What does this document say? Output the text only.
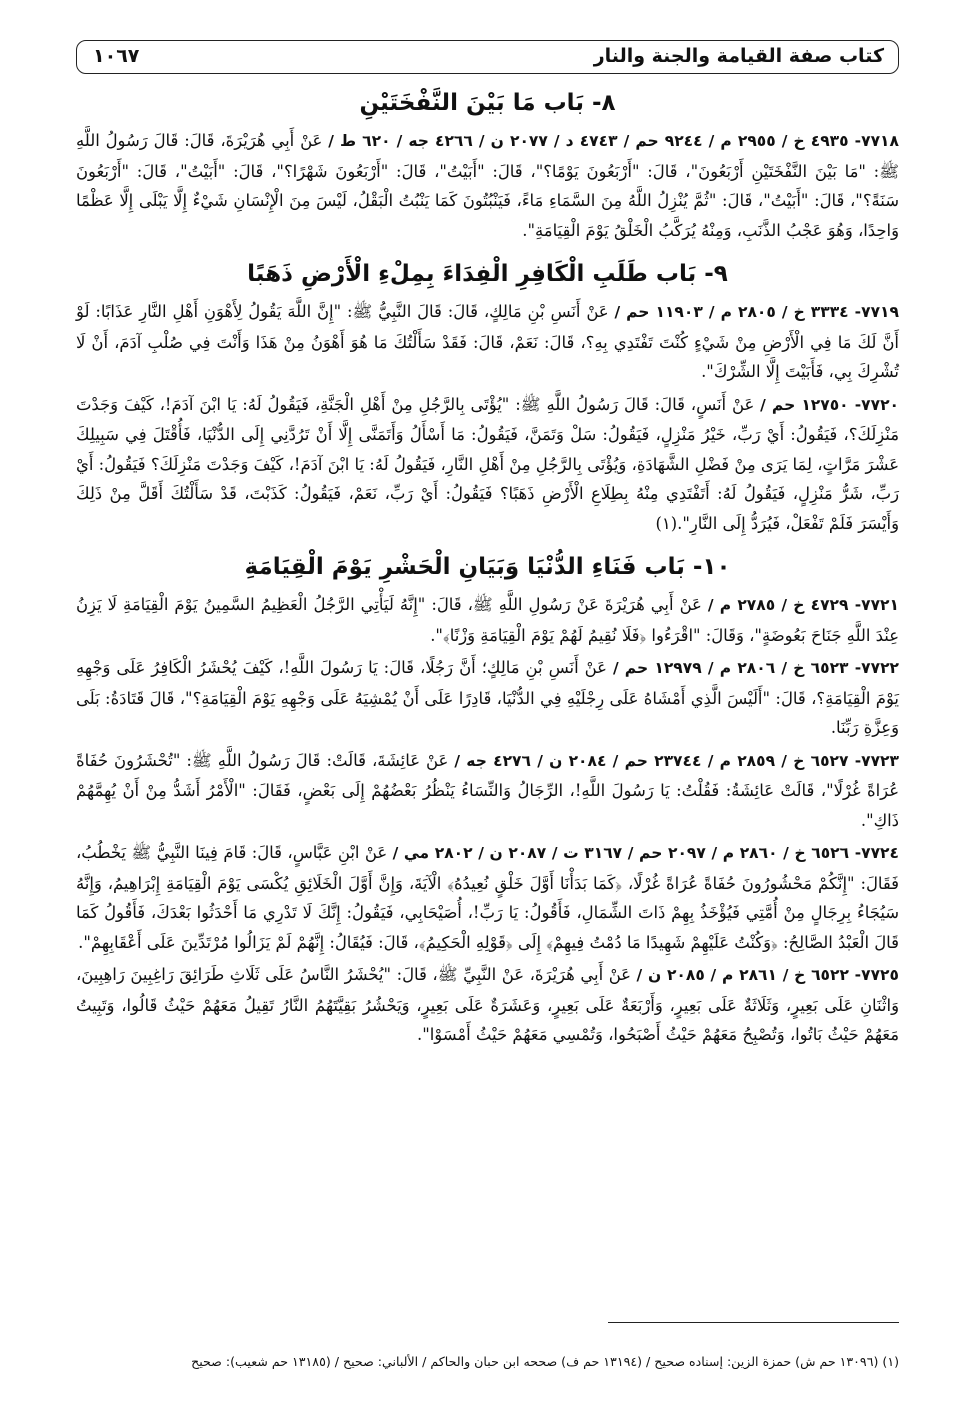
كتاب صفة القيامة والجنة والنار
١٠٦٧
٨- بَاب مَا بَيْنَ النَّفْخَتَيْنِ

٧٧١٨- ٤٩٣٥ خ / ٢٩٥٥ م / ٩٢٤٤ حم / ٤٧٤٣ د / ٢٠٧٧ ن / ٤٢٦٦ جه / ٦٢٠ ط / عَنْ أَبِي هُرَيْرَةَ، قَالَ: قَالَ رَسُولُ اللَّهِ ﷺ: "مَا بَيْنَ النَّفْخَتَيْنِ أَرْبَعُونَ"، قَالَ: "أَرْبَعُونَ يَوْمًا؟"، قَالَ: "أَبَيْتُ"، قَالَ: "أَرْبَعُونَ شَهْرًا؟"، قَالَ: "أَبَيْتُ"، قَالَ: "أَرْبَعُونَ سَنَةً؟"، قَالَ: "أَبَيْتُ"، قَالَ: "ثُمَّ يُنْزِلُ اللَّهُ مِنَ السَّمَاءِ مَاءً، فَيَنْبُتُونَ كَمَا يَنْبُتُ الْبَقْلُ، لَيْسَ مِنَ الْإِنْسَانِ شَيْءٌ إِلَّا يَبْلَى إِلَّا عَظْمًا وَاحِدًا، وَهُوَ عَجْبُ الذَّنَبِ، وَمِنْهُ يُرَكَّبُ الْخَلْقُ يَوْمَ الْقِيَامَةِ".

٩- بَاب طَلَبِ الْكَافِرِ الْفِدَاءَ بِمِلْءِ الْأَرْضِ ذَهَبًا

٧٧١٩- ٣٣٣٤ خ / ٢٨٠٥ م / ١١٩٠٣ حم / عَنْ أَنَسِ بْنِ مَالِكٍ، قَالَ: قَالَ النَّبِيُّ ﷺ: "إِنَّ اللَّهَ يَقُولُ لِأَهْوَنِ أَهْلِ النَّارِ عَذَابًا: لَوْ أَنَّ لَكَ مَا فِي الْأَرْضِ مِنْ شَيْءٍ كُنْتَ تَفْتَدِي بِهِ؟، قَالَ: نَعَمْ، قَالَ: فَقَدْ سَأَلْتُكَ مَا هُوَ أَهْوَنُ مِنْ هَذَا وَأَنْتَ فِي صُلْبِ آدَمَ، أَنْ لَا تُشْرِكَ بِي، فَأَبَيْتَ إِلَّا الشِّرْكَ".

٧٧٢٠- ١٢٧٥٠ حم / عَنْ أَنَسٍ، قَالَ: قَالَ رَسُولُ اللَّهِ ﷺ: "يُؤْتَى بِالرَّجُلِ مِنْ أَهْلِ الْجَنَّةِ، فَيَقُولُ لَهُ: يَا ابْنَ آدَمَ!، كَيْفَ وَجَدْتَ مَنْزِلَكَ؟، فَيَقُولُ: أَيْ رَبِّ، خَيْرُ مَنْزِلٍ، فَيَقُولُ: سَلْ وَتَمَنَّ، فَيَقُولُ: مَا أَسْأَلُ وَأَتَمَنَّى إِلَّا أَنْ تَرُدَّنِي إِلَى الدُّنْيَا، فَأُقْتَلَ فِي سَبِيلِكَ عَشْرَ مَرَّاتٍ، لِمَا يَرَى مِنْ فَضْلِ الشَّهَادَةِ، وَيُؤْتَى بِالرَّجُلِ مِنْ أَهْلِ النَّارِ، فَيَقُولُ لَهُ: يَا ابْنَ آدَمَ!، كَيْفَ وَجَدْتَ مَنْزِلَكَ؟ فَيَقُولُ: أَيْ رَبِّ، شَرُّ مَنْزِلٍ، فَيَقُولُ لَهُ: أَتَفْتَدِي مِنْهُ بِطِلَاعِ الْأَرْضِ ذَهَبًا؟ فَيَقُولُ: أَيْ رَبِّ، نَعَمْ، فَيَقُولُ: كَذَبْتَ، قَدْ سَأَلْتُكَ أَقَلَّ مِنْ ذَلِكَ وَأَيْسَرَ فَلَمْ تَفْعَلْ، فَيُرَدُّ إِلَى النَّارِ".(١)

١٠- بَاب فَنَاءِ الدُّنْيَا وَبَيَانِ الْحَشْرِ يَوْمَ الْقِيَامَةِ

٧٧٢١- ٤٧٢٩ خ / ٢٧٨٥ م / عَنْ أَبِي هُرَيْرَةَ عَنْ رَسُولِ اللَّهِ ﷺ، قَالَ: "إِنَّهُ لَيَأْتِي الرَّجُلُ الْعَظِيمُ السَّمِينُ يَوْمَ الْقِيَامَةِ لَا يَزِنُ عِنْدَ اللَّهِ جَنَاحَ بَعُوضَةٍ"، وَقَالَ: "اقْرَءُوا ﴿فَلَا نُقِيمُ لَهُمْ يَوْمَ الْقِيَامَةِ وَزْنًا﴾".

٧٧٢٢- ٦٥٢٣ خ / ٢٨٠٦ م / ١٢٩٧٩ حم / عَنْ أَنَسِ بْنِ مَالِكٍ؛ أَنَّ رَجُلًا، قَالَ: يَا رَسُولَ اللَّهِ!، كَيْفَ يُحْشَرُ الْكَافِرُ عَلَى وَجْهِهِ يَوْمَ الْقِيَامَةِ؟، قَالَ: "أَلَيْسَ الَّذِي أَمْشَاهُ عَلَى رِجْلَيْهِ فِي الدُّنْيَا، قَادِرًا عَلَى أَنْ يُمْشِيَهُ عَلَى وَجْهِهِ يَوْمَ الْقِيَامَةِ؟"، قَالَ قَتَادَةُ: بَلَى وَعِزَّةِ رَبِّنَا.

٧٧٢٣- ٦٥٢٧ خ / ٢٨٥٩ م / ٢٣٧٤٤ حم / ٢٠٨٤ ن / ٤٢٧٦ جه / عَنْ عَائِشَةَ، قَالَتْ: قَالَ رَسُولُ اللَّهِ ﷺ: "تُحْشَرُونَ حُفَاةً عُرَاةً غُرْلًا"، قَالَتْ عَائِشَةُ: فَقُلْتُ: يَا رَسُولَ اللَّهِ!، الرِّجَالُ وَالنِّسَاءُ يَنْظُرُ بَعْضُهُمْ إِلَى بَعْضٍ، فَقَالَ: "الْأَمْرُ أَشَدُّ مِنْ أَنْ يُهِمَّهُمْ ذَاكِ".

٧٧٢٤- ٦٥٢٦ خ / ٢٨٦٠ م / ٢٠٩٧ حم / ٣١٦٧ ت / ٢٠٨٧ ن / ٢٨٠٢ مي / عَنْ ابْنِ عَبَّاسٍ، قَالَ: قَامَ فِينَا النَّبِيُّ ﷺ يَخْطُبُ، فَقَالَ: "إِنَّكُمْ مَحْشُورُونَ حُفَاةً عُرَاةً غُرْلًا، ﴿كَمَا بَدَأْنَا أَوَّلَ خَلْقٍ نُعِيدُهُ﴾ الْآيَةَ، وَإِنَّ أَوَّلَ الْخَلَائِقِ يُكْسَى يَوْمَ الْقِيَامَةِ إِبْرَاهِيمُ، وَإِنَّهُ سَيُجَاءُ بِرِجَالٍ مِنْ أُمَّتِي فَيُؤْخَذُ بِهِمْ ذَاتَ الشِّمَالِ، فَأَقُولُ: يَا رَبِّ!، أُصَيْحَابِي، فَيَقُولُ: إِنَّكَ لَا تَدْرِي مَا أَحْدَثُوا بَعْدَكَ، فَأَقُولُ كَمَا قَالَ الْعَبْدُ الصَّالِحُ: ﴿وَكُنْتُ عَلَيْهِمْ شَهِيدًا مَا دُمْتُ فِيهِمْ﴾ إِلَى ﴿قَوْلِهِ الْحَكِيمُ﴾، قَالَ: فَيُقَالُ: إِنَّهُمْ لَمْ يَزَالُوا مُرْتَدِّينَ عَلَى أَعْقَابِهِمْ".

٧٧٢٥- ٦٥٢٢ خ / ٢٨٦١ م / ٢٠٨٥ ن / عَنْ أَبِي هُرَيْرَةَ، عَنْ النَّبِيِّ ﷺ، قَالَ: "يُحْشَرُ النَّاسُ عَلَى ثَلَاثِ طَرَائِقَ رَاغِبِينَ رَاهِبِينَ، وَاثْنَانِ عَلَى بَعِيرٍ، وَثَلَاثَةٌ عَلَى بَعِيرٍ، وَأَرْبَعَةٌ عَلَى بَعِيرٍ، وَعَشَرَةٌ عَلَى بَعِيرٍ، وَيَحْشُرُ بَقِيَّتَهُمُ النَّارُ تَقِيلُ مَعَهُمْ حَيْثُ قَالُوا، وَتَبِيتُ مَعَهُمْ حَيْثُ بَاتُوا، وَتُصْبِحُ مَعَهُمْ حَيْثُ أَصْبَحُوا، وَتُمْسِي مَعَهُمْ حَيْثُ أَمْسَوْا".

(١) (١٣٠٩٦ حم ش) حمزة الزين: إسناده صحيح / (١٣١٩٤ حم ف) صححه ابن حبان والحاكم / الألباني: صحيح / (١٣١٨٥ حم شعيب): صحيح
